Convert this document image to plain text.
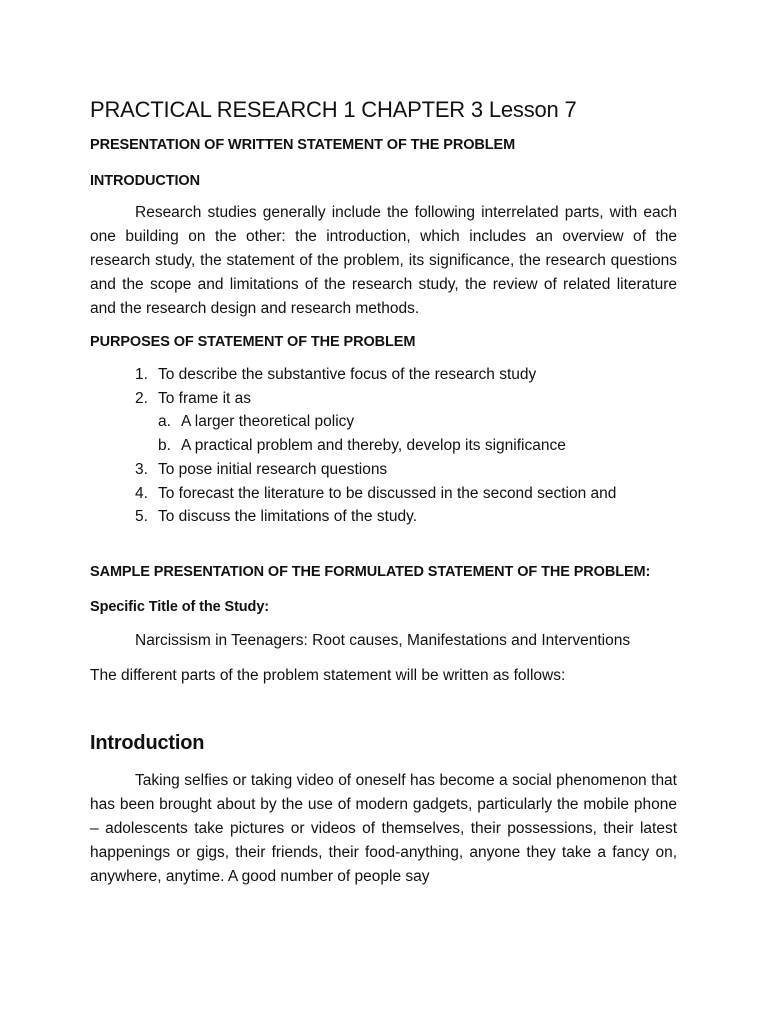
PRACTICAL RESEARCH 1 CHAPTER 3 Lesson 7

PRESENTATION OF WRITTEN STATEMENT OF THE PROBLEM

INTRODUCTION

Research studies generally include the following interrelated parts, with each one building on the other: the introduction, which includes an overview of the research study, the statement of the problem, its significance, the research questions and the scope and limitations of the research study, the review of related literature and the research design and research methods.

PURPOSES OF STATEMENT OF THE PROBLEM

1. To describe the substantive focus of the research study
2. To frame it as
a. A larger theoretical policy
b. A practical problem and thereby, develop its significance
3. To pose initial research questions
4. To forecast the literature to be discussed in the second section and
5. To discuss the limitations of the study.

SAMPLE PRESENTATION OF THE FORMULATED STATEMENT OF THE PROBLEM:

Specific Title of the Study:

Narcissism in Teenagers: Root causes, Manifestations and Interventions

The different parts of the problem statement will be written as follows:

Introduction

Taking selfies or taking video of oneself has become a social phenomenon that has been brought about by the use of modern gadgets, particularly the mobile phone – adolescents take pictures or videos of themselves, their possessions, their latest happenings or gigs, their friends, their food-anything, anyone they take a fancy on, anywhere, anytime. A good number of people say
